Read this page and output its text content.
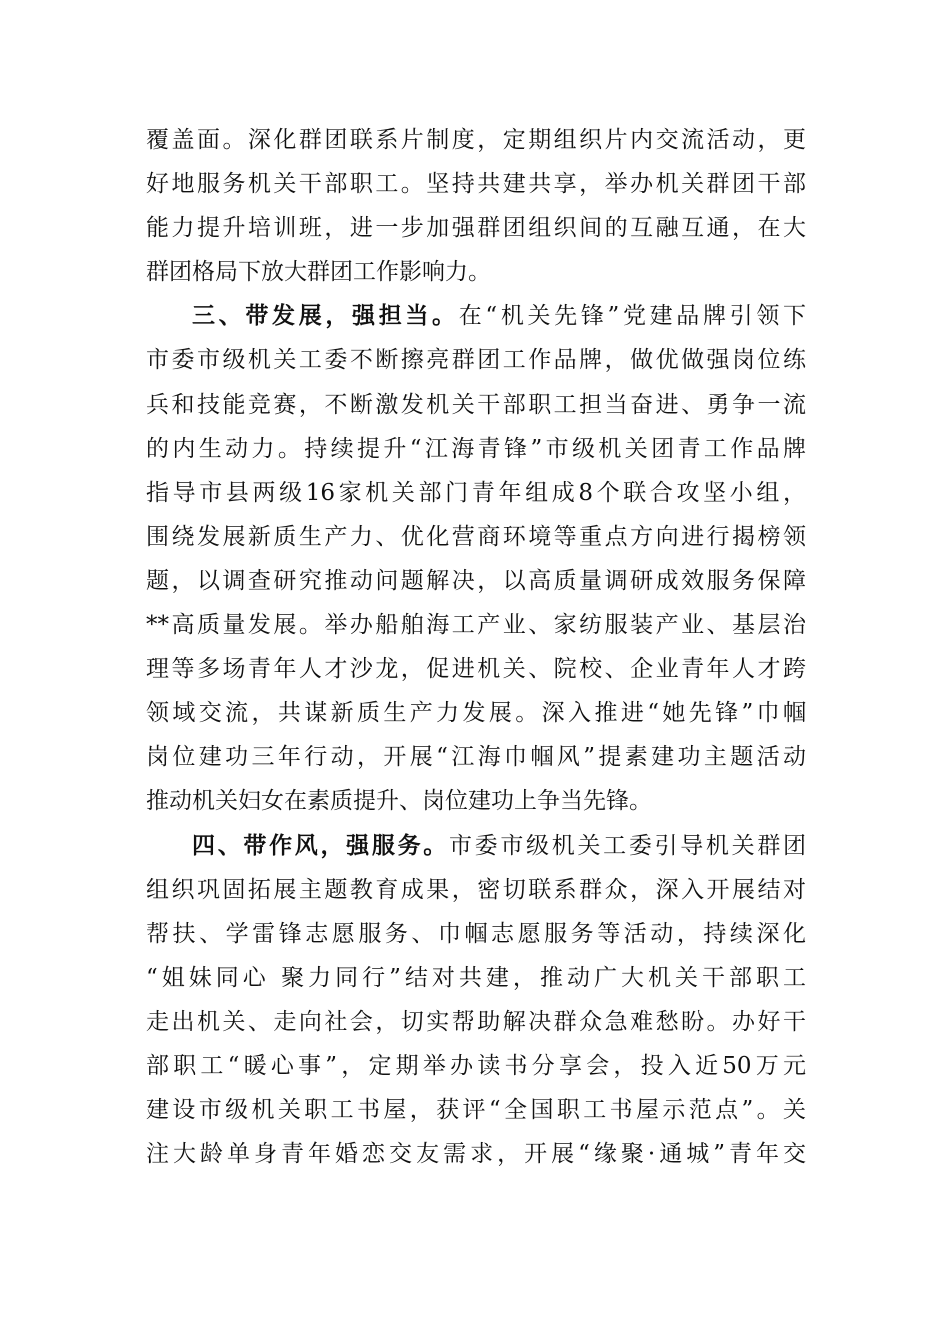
覆盖面。深化群团联系片制度，定期组织片内交流活动，更
好地服务机关干部职工。坚持共建共享，举办机关群团干部
能力提升培训班，进一步加强群团组织间的互融互通，在大
群团格局下放大群团工作影响力。
三、带发展，强担当。在“机关先锋”党建品牌引领下
市委市级机关工委不断擦亮群团工作品牌，做优做强岗位练
兵和技能竞赛，不断激发机关干部职工担当奋进、勇争一流
的内生动力。持续提升“江海青锋”市级机关团青工作品牌
指导市县两级16家机关部门青年组成8个联合攻坚小组，
围绕发展新质生产力、优化营商环境等重点方向进行揭榜领
题，以调查研究推动问题解决，以高质量调研成效服务保障
**高质量发展。举办船舶海工产业、家纺服装产业、基层治
理等多场青年人才沙龙，促进机关、院校、企业青年人才跨
领域交流，共谋新质生产力发展。深入推进“她先锋”巾帼
岗位建功三年行动，开展“江海巾帼风”提素建功主题活动
推动机关妇女在素质提升、岗位建功上争当先锋。
四、带作风，强服务。市委市级机关工委引导机关群团
组织巩固拓展主题教育成果，密切联系群众，深入开展结对
帮扶、学雷锋志愿服务、巾帼志愿服务等活动，持续深化
“姐妹同心 聚力同行”结对共建，推动广大机关干部职工
走出机关、走向社会，切实帮助解决群众急难愁盼。办好干
部职工“暖心事”，定期举办读书分享会，投入近50万元
建设市级机关职工书屋，获评“全国职工书屋示范点”。关
注大龄单身青年婚恋交友需求，开展“缘聚·通城”青年交
